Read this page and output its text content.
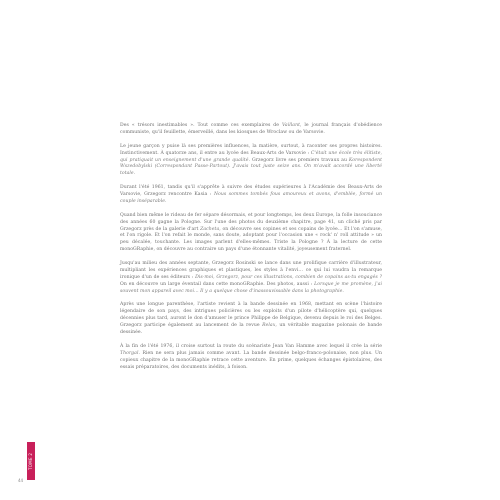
Des « trésors inestimables ». Tout comme ces exemplaires de Vaillant, le journal français d'obédience communiste, qu'il feuillette, émerveillé, dans les kiosques de Wroclaw ou de Varsovie.

Le jeune garçon y puise là ses premières influences, la matière, surtout, à raconter ses propres histoires. Instinctivement. À quatorze ans, il entre au lycée des Beaux-Arts de Varsovie : C'était une école très élitiste, qui pratiquait un enseignement d'une grande qualité. Grzegorz livre ses premiers travaux au Korespondent Wszedobylski (Correspondant Passe-Partout). J'avais tout juste seize ans. On m'avait accordé une liberté totale.

Durant l'été 1961, tandis qu'il s'apprête à suivre des études supérieures à l'Académie des Beaux-Arts de Varsovie, Grzegorz rencontre Kasia : Nous sommes tombés fous amoureux et avons, d'emblée, formé un couple inséparable.

Quand bien même le rideau de fer sépare désormais, et pour longtemps, les deux Europe, la folle insouciance des années 60 gagne la Pologne. Sur l'une des photos du deuxième chapitre, page 41, un cliché pris par Grzegorz près de la galerie d'art Zacheta, on découvre ses copines et ses copains de lycée… Et l'on s'amuse, et l'on rigole. Et l'on refait le monde, sans doute, adoptant pour l'occasion une « rock' n' roll attitude » un peu décalée, touchante. Les images parlent d'elles-mêmes. Triste la Pologne ? À la lecture de cette monoGRaphie, on découvre au contraire un pays d'une étonnante vitalité, joyeusement fraternel.

Jusqu'au milieu des années septante, Grzegorz Rosinski se lance dans une prolifique carrière d'illustrateur, multipliant les expériences graphiques et plastiques, les styles à l'envi… ce qui lui vaudra la remarque ironique d'un de ses éditeurs : Dis-moi, Grzegorz, pour ces illustrations, combien de copains as-tu engagés ? On en découvre un large éventail dans cette monoGRaphie. Des photos, aussi : Lorsque je me promène, j'ai souvent mon appareil avec moi… Il y a quelque chose d'inassouvissable dans la photographie.

Après une longue parenthèse, l'artiste revient à la bande dessinée en 1968, mettant en scène l'histoire légendaire de son pays, des intrigues policières ou les exploits d'un pilote d'hélicoptère qui, quelques décennies plus tard, auront le don d'amuser le prince Philippe de Belgique, devenu depuis le roi des Belges. Grzegorz participe également au lancement de la revue Relax, un véritable magazine polonais de bande dessinée.

À la fin de l'été 1976, il croise surtout la route du scénariste Jean Van Hamme avec lequel il crée la série Thorgal. Rien ne sera plus jamais comme avant. La bande dessinée belgo-franco-polonaise, non plus. Un copieux chapitre de la monoGRaphie retrace cette aventure. En prime, quelques échanges épistolaires, des essais préparatoires, des documents inédits, à foison.

TOME 2
44
